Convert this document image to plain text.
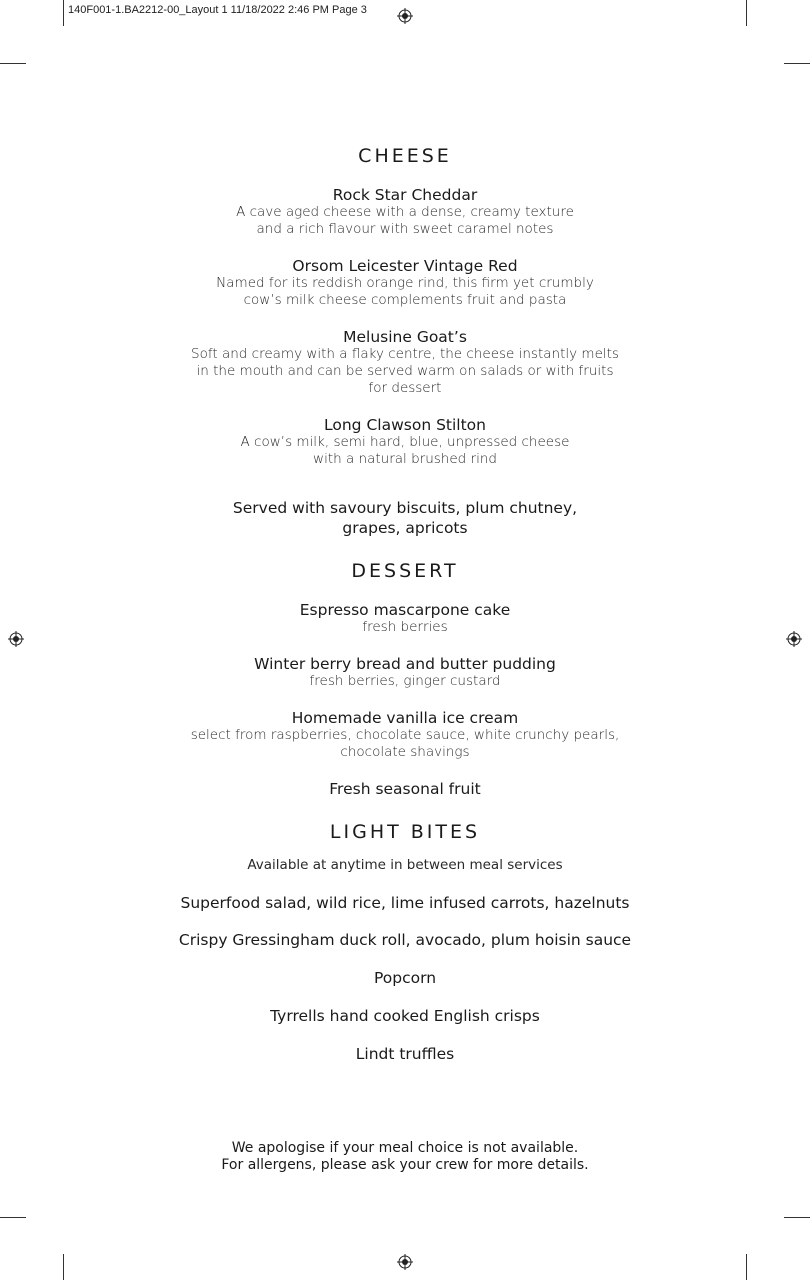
140F001-1.BA2212-00_Layout 1 11/18/2022 2:46 PM Page 3
CHEESE
Rock Star Cheddar
A cave aged cheese with a dense, creamy texture
and a rich flavour with sweet caramel notes
Orsom Leicester Vintage Red
Named for its reddish orange rind, this firm yet crumbly
cow’s milk cheese complements fruit and pasta
Melusine Goat’s
Soft and creamy with a flaky centre, the cheese instantly melts
in the mouth and can be served warm on salads or with fruits
for dessert
Long Clawson Stilton
A cow’s milk, semi hard, blue, unpressed cheese
with a natural brushed rind
Served with savoury biscuits, plum chutney,
grapes, apricots
DESSERT
Espresso mascarpone cake
fresh berries
Winter berry bread and butter pudding
fresh berries, ginger custard
Homemade vanilla ice cream
select from raspberries, chocolate sauce, white crunchy pearls,
chocolate shavings
Fresh seasonal fruit
LIGHT BITES
Available at anytime in between meal services
Superfood salad, wild rice, lime infused carrots, hazelnuts
Crispy Gressingham duck roll, avocado, plum hoisin sauce
Popcorn
Tyrrells hand cooked English crisps
Lindt truffles
We apologise if your meal choice is not available.
For allergens, please ask your crew for more details.
